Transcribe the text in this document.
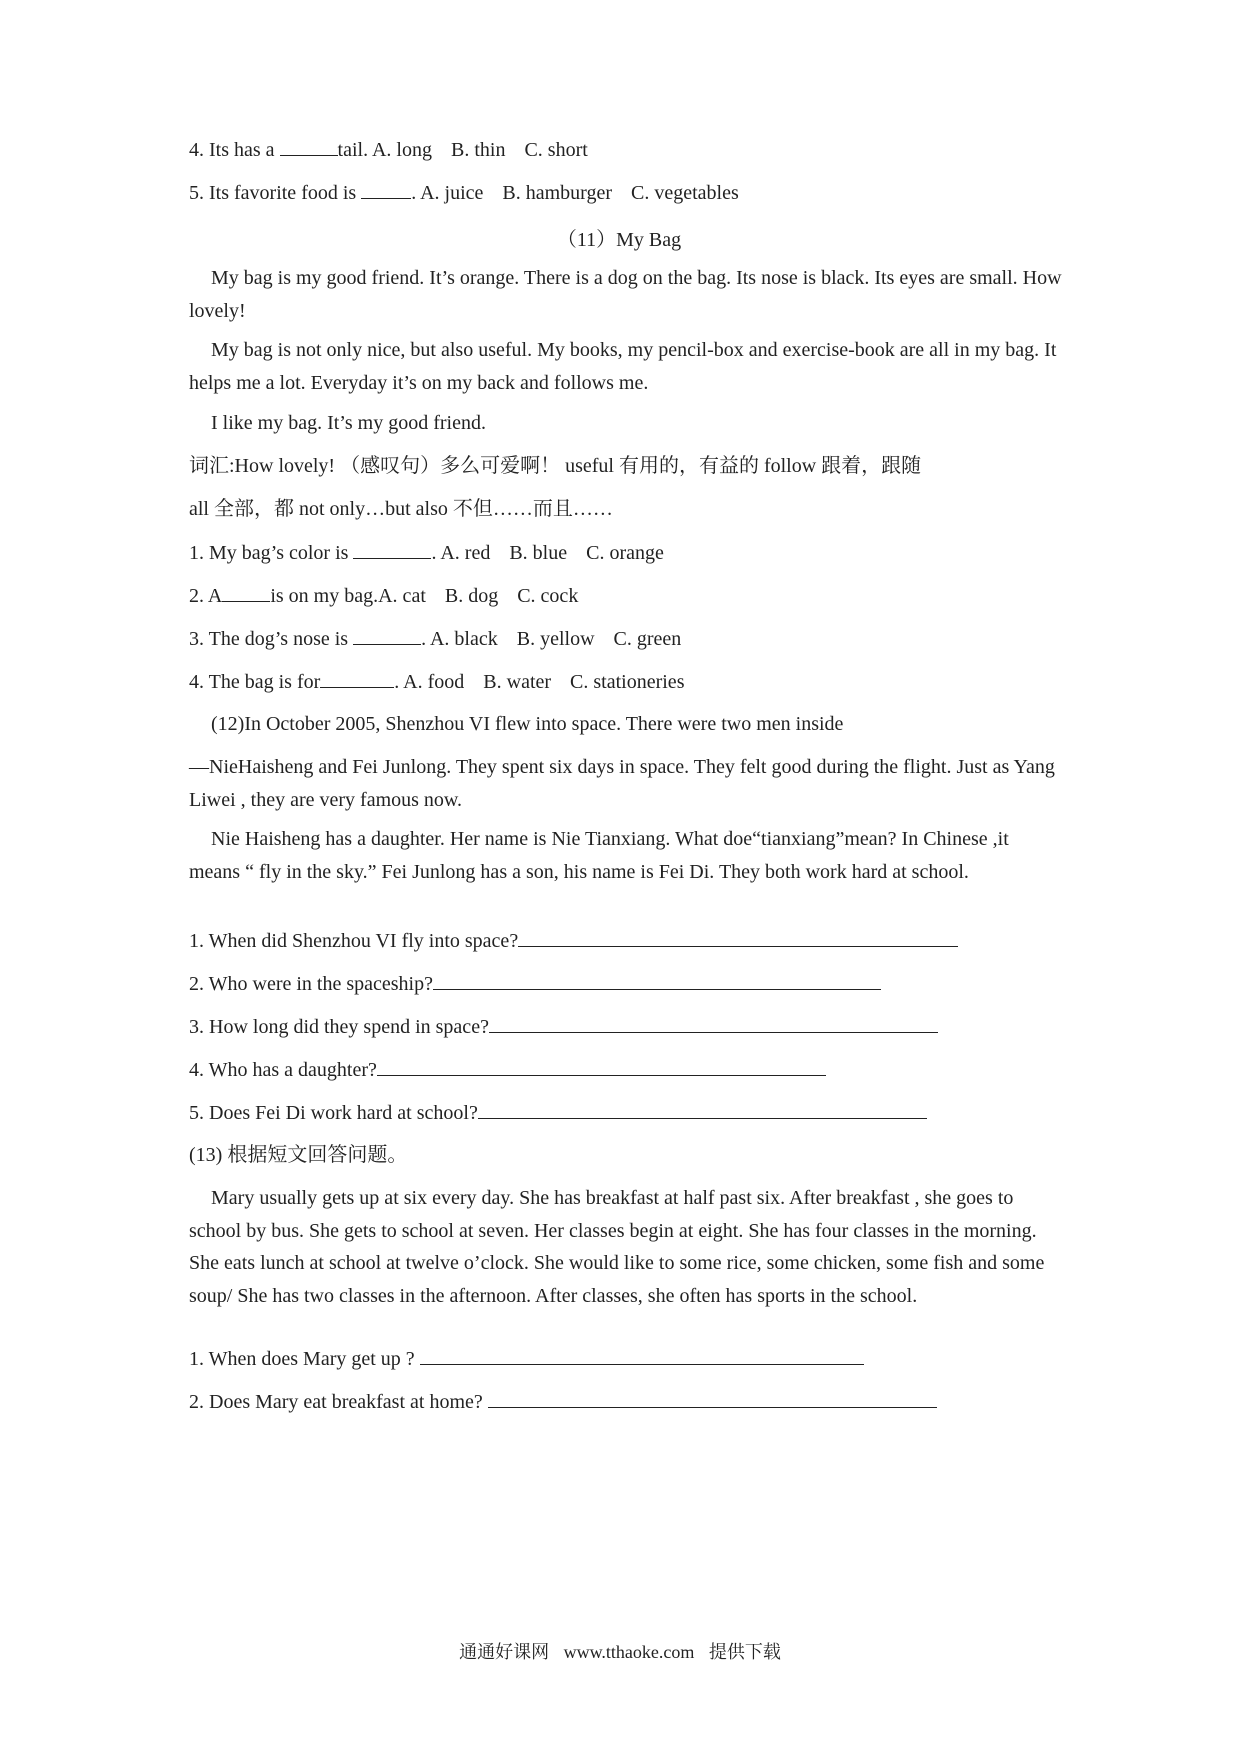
4. Its has a	tail. A. long B. thin C. short
5. Its favorite food is	. A. juice B. hamburger C. vegetables
（11）My Bag
My bag is my good friend. It’s orange. There is a dog on the bag. Its nose is black. Its eyes are small. How lovely!
My bag is not only nice, but also useful. My books, my pencil-box and exercise-book are all in my bag. It helps me a lot. Everyday it’s on my back and follows me.
I like my bag. It’s my good friend.
词汇:How lovely! （感叹句）多么可爱啊！ useful 有用的，有益的 follow 跟着，跟随
all 全部，都 not only…but also 不但……而且……
1. My bag’s color is	. A. red B. blue C. orange
2. A is on my bag.A. cat B. dog C. cock
3. The dog’s nose is	. A. black B. yellow C. green
4. The bag is for	. A. food B. water C. stationeries
(12)In October 2005, Shenzhou VI flew into space. There were two men inside
—NieHaisheng and Fei Junlong. They spent six days in space. They felt good during the flight. Just as Yang Liwei , they are very famous now.
Nie Haisheng has a daughter. Her name is Nie Tianxiang. What doe“tianxiang”mean? In Chinese ,it means “ fly in the sky.” Fei Junlong has a son, his name is Fei Di. They both work hard at school.
1. When did Shenzhou VI fly into space?
2. Who were in the spaceship?
3. How long did they spend in space?
4. Who has a daughter?
5. Does Fei Di work hard at school?
(13) 根据短文回答问题。
Mary usually gets up at six every day. She has breakfast at half past six. After breakfast , she goes to school by bus. She gets to school at seven. Her classes begin at eight. She has four classes in the morning. She eats lunch at school at twelve o’clock. She would like to some rice, some chicken, some fish and some soup/ She has two classes in the afternoon. After classes, she often has sports in the school.
1. When does Mary get up ?
2. Does Mary eat breakfast at home?
通通好课网 www.tthaoke.com 提供下载
